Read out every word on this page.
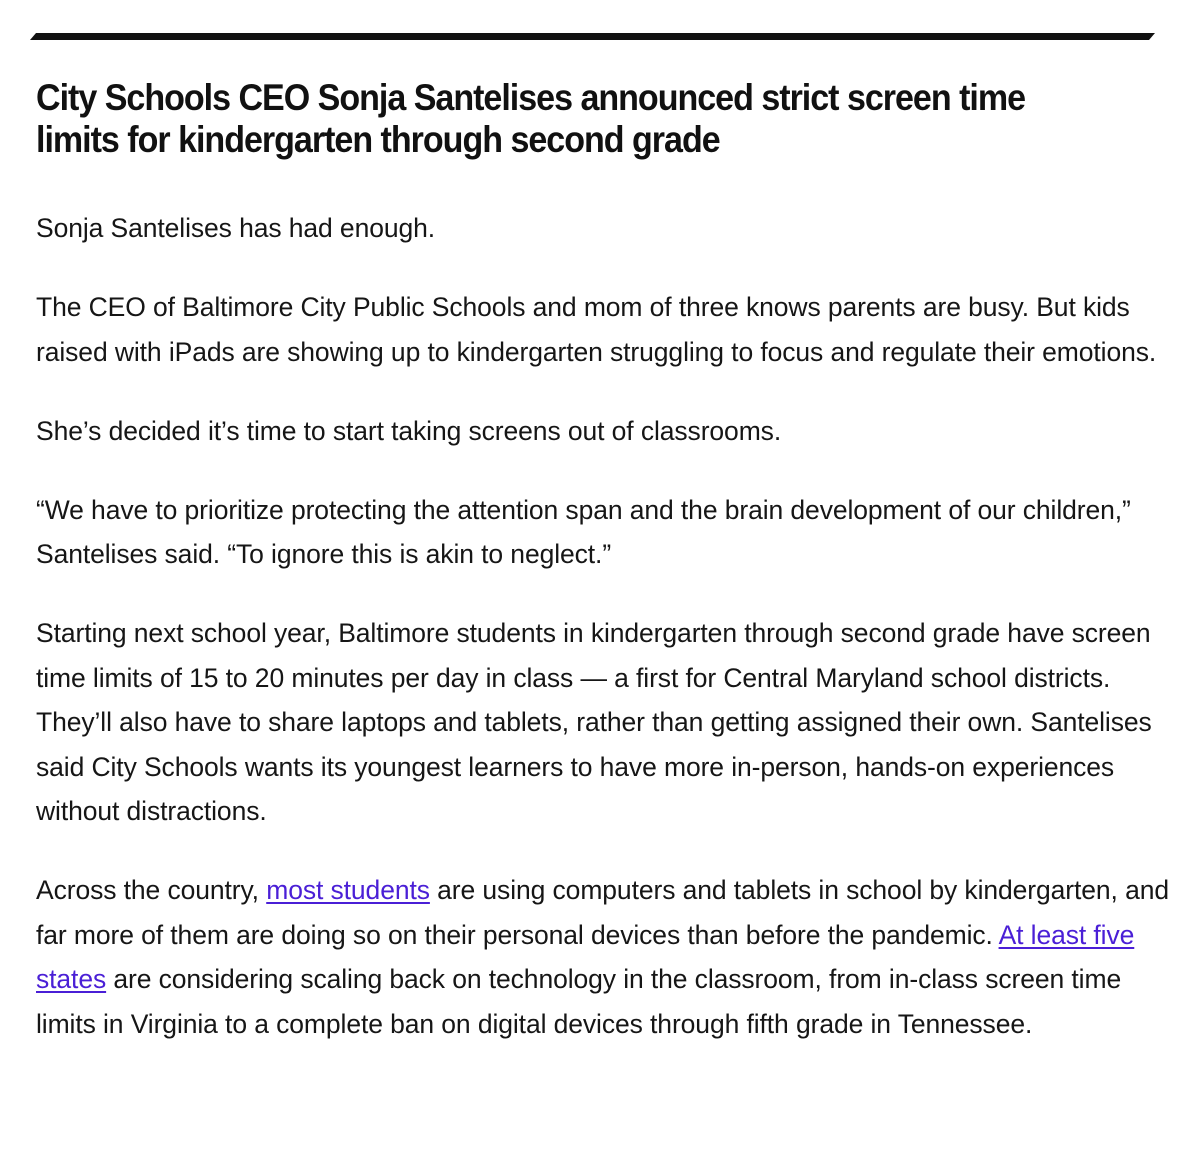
City Schools CEO Sonja Santelises announced strict screen time limits for kindergarten through second grade

Sonja Santelises has had enough.

The CEO of Baltimore City Public Schools and mom of three knows parents are busy. But kids raised with iPads are showing up to kindergarten struggling to focus and regulate their emotions.

She’s decided it’s time to start taking screens out of classrooms.

“We have to prioritize protecting the attention span and the brain development of our children,” Santelises said. “To ignore this is akin to neglect.”

Starting next school year, Baltimore students in kindergarten through second grade have screen time limits of 15 to 20 minutes per day in class — a first for Central Maryland school districts. They’ll also have to share laptops and tablets, rather than getting assigned their own. Santelises said City Schools wants its youngest learners to have more in-person, hands-on experiences without distractions.

Across the country, most students are using computers and tablets in school by kindergarten, and far more of them are doing so on their personal devices than before the pandemic. At least five states are considering scaling back on technology in the classroom, from in-class screen time limits in Virginia to a complete ban on digital devices through fifth grade in Tennessee.
